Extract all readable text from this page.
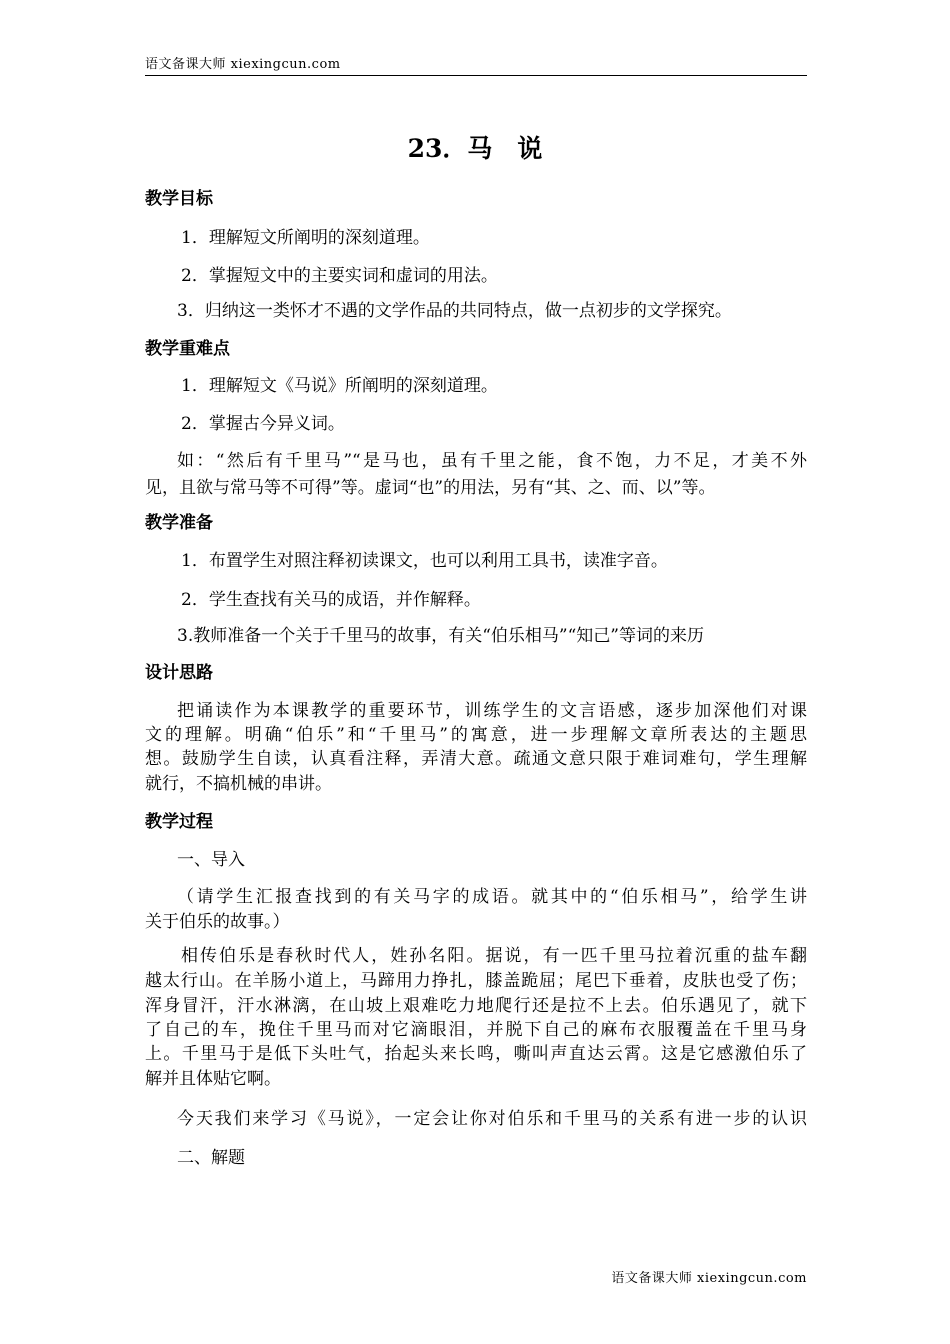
语文备课大师 xiexingcun.com
23．马　说
教学目标
1．理解短文所阐明的深刻道理。
2．掌握短文中的主要实词和虚词的用法。
3．归纳这一类怀才不遇的文学作品的共同特点，做一点初步的文学探究。
教学重难点
1．理解短文《马说》所阐明的深刻道理。
2．掌握古今异义词。
如：“然后有千里马”“是马也，虽有千里之能，食不饱，力不足，才美不外
见，且欲与常马等不可得”等。虚词“也”的用法，另有“其、之、而、以”等。
教学准备
1．布置学生对照注释初读课文，也可以利用工具书，读准字音。
2．学生查找有关马的成语，并作解释。
3.教师准备一个关于千里马的故事，有关“伯乐相马”“知己”等词的来历
设计思路
把诵读作为本课教学的重要环节，训练学生的文言语感，逐步加深他们对课
文的理解。明确“伯乐”和“千里马”的寓意，进一步理解文章所表达的主题思
想。鼓励学生自读，认真看注释，弄清大意。疏通文意只限于难词难句，学生理解
就行，不搞机械的串讲。
教学过程
一、导入
（请学生汇报查找到的有关马字的成语。就其中的“伯乐相马”，给学生讲
关于伯乐的故事。）
相传伯乐是春秋时代人，姓孙名阳。据说，有一匹千里马拉着沉重的盐车翻
越太行山。在羊肠小道上，马蹄用力挣扎，膝盖跪屈；尾巴下垂着，皮肤也受了伤；
浑身冒汗，汗水淋漓，在山坡上艰难吃力地爬行还是拉不上去。伯乐遇见了，就下
了自己的车，挽住千里马而对它滴眼泪，并脱下自己的麻布衣服覆盖在千里马身
上。千里马于是低下头吐气，抬起头来长鸣，嘶叫声直达云霄。这是它感激伯乐了
解并且体贴它啊。
今天我们来学习《马说》，一定会让你对伯乐和千里马的关系有进一步的认识
二、解题
语文备课大师 xiexingcun.com
